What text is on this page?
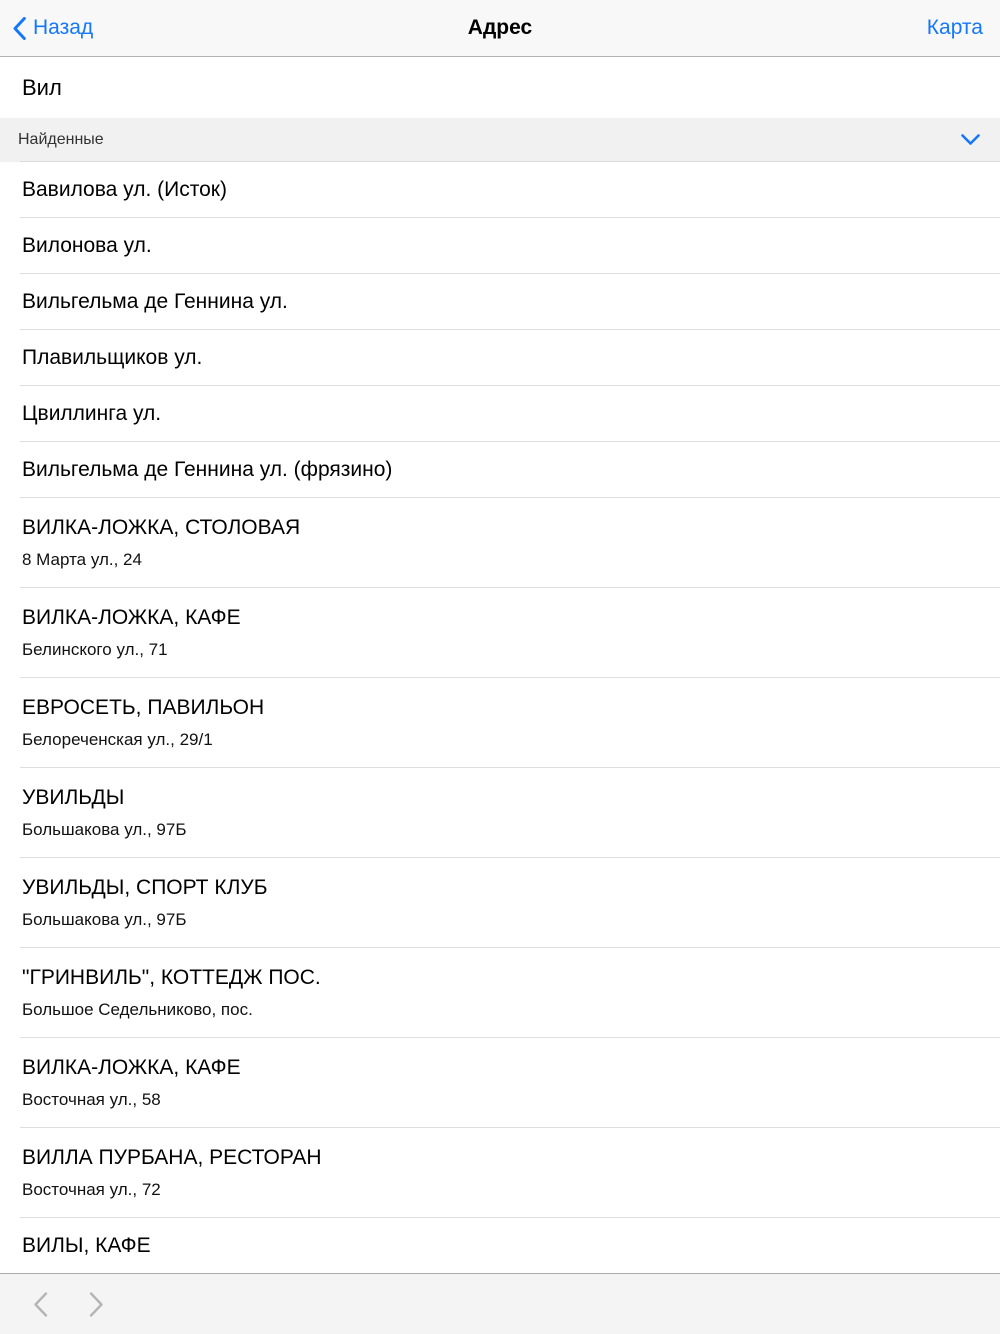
Назад	Адрес	Карта
Вил
Найденные
Вавилова ул. (Исток)
Вилонова ул.
Вильгельма де Геннина ул.
Плавильщиков ул.
Цвиллинга ул.
Вильгельма де Геннина ул. (фрязино)
ВИЛКА-ЛОЖКА, СТОЛОВАЯ
8 Марта ул., 24
ВИЛКА-ЛОЖКА, КАФЕ
Белинского ул., 71
ЕВРОСЕТЬ, ПАВИЛЬОН
Белореченская ул., 29/1
УВИЛЬДЫ
Большакова ул., 97Б
УВИЛЬДЫ, СПОРТ КЛУБ
Большакова ул., 97Б
"ГРИНВИЛЬ", КОТТЕДЖ ПОС.
Большое Седельниково, пос.
ВИЛКА-ЛОЖКА, КАФЕ
Восточная ул., 58
ВИЛЛА ПУРБАНА, РЕСТОРАН
Восточная ул., 72
ВИЛЫ, КАФЕ
